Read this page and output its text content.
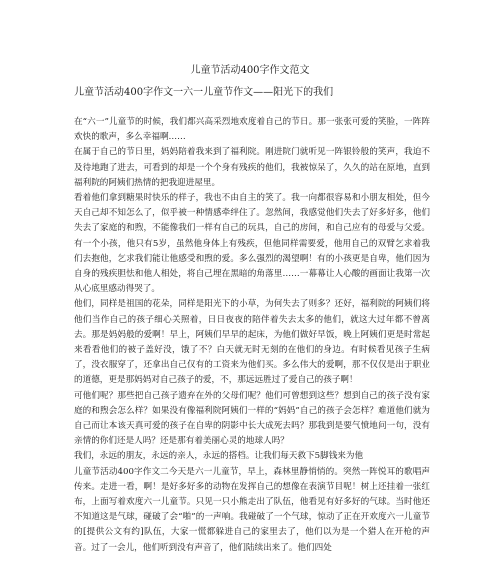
儿童节活动400字作文范文
儿童节活动400字作文一六一儿童节作文——阳光下的我们

在“六一”儿童节的时候，我们都兴高采烈地欢度着自己的节日。那一张张可爱的笑脸，一阵阵欢快的歌声，多么幸福啊……

在属于自己的节日里，妈妈陪着我来到了福利院。刚进院门就听见一阵银铃般的笑声，我迫不及待地跑了进去，可看到的却是一个个身有残疾的他们，我被惊呆了，久久的站在原地，直到福利院的阿姨们热情的把我迎进屋里。

看着他们拿到糖果时快乐的样子，我也不由自主的笑了。我一向都很容易和小朋友相处，但今天自己却不知怎么了，似乎被一种情感牵绊住了。忽然间，我感觉他们失去了好多好多，他们失去了家庭的和煦，不能像我们一样有自己的玩具，自己的房间，和自己应有的母爱与父爱。有一个小孩，他只有5岁，虽然他身体上有残疾，但他同样需要爱，他用自己的双臂乞求着我们去抱他，乞求我们能让他感受和煦的爱。多么强烈的渴望啊！有的小孩更是自卑，他们因为自身的残疾胆怯和他人相处，将自己埋在黑暗的角落里……一幕幕让人心酸的画面让我第一次从心底里感动得哭了。

他们，同样是祖国的花朵，同样是阳光下的小草，为何失去了则多？还好，福利院的阿姨们将他们当作自己的孩子细心关照着，日日夜夜的陪伴着失去太多的他们，就这大过年都不曾离去。那是妈妈般的爱啊！早上，阿姨们早早的起床，为他们做好早饭，晚上阿姨们更是时常起来看看他们的被子盖好没，饿了不？白天就无时无刻的在他们的身边。有时候看见孩子生病了，没衣服穿了，还拿出自己仅有的工资来为他们买。多么伟大的爱啊，那不仅仅是出于职业的道德，更是那妈妈对自己孩子的爱，不，那远远胜过了爱自己的孩子啊！

可他们呢？那些把自己孩子遗弃在外的父母们呢？他们可曾想到这些？想到自己的孩子没有家庭的和煦会怎么样？如果没有像福利院阿姨们一样的“妈妈”自己的孩子会怎样？难道他们就为自己而让本该天真可爱的孩子在自卑的阴影中长大成死去吗？那我到是要气愤地问一句，没有亲情的你们还是人吗？还是那有着美丽心灵的地球人吗？

我们，永远的朋友，永远的亲人，永远的搭档。让我们每天救下5脚钱来为他

儿童节活动400字作文二今天是六一儿童节，早上，森林里静悄悄的。突然一阵悦耳的歌唱声传来。走进一看，啊！是好多好多的动物在发挥自己的想像在表演节目呢！树上还挂着一张红布，上面写着欢度六一儿童节。只见一只小熊走出了队伍，他看见有好多好的气球。当时他还不知道这是气球，碰破了会“啪”的一声响。我碰破了一个气球，惊动了正在开欢度六一儿童节的[提供公文有约]队伍，大家一慌都躲进自己的家里去了，他们以为是一个猎人在开枪的声音。过了一会儿，他们听到没有声音了，他们陆续出来了。他们四处
